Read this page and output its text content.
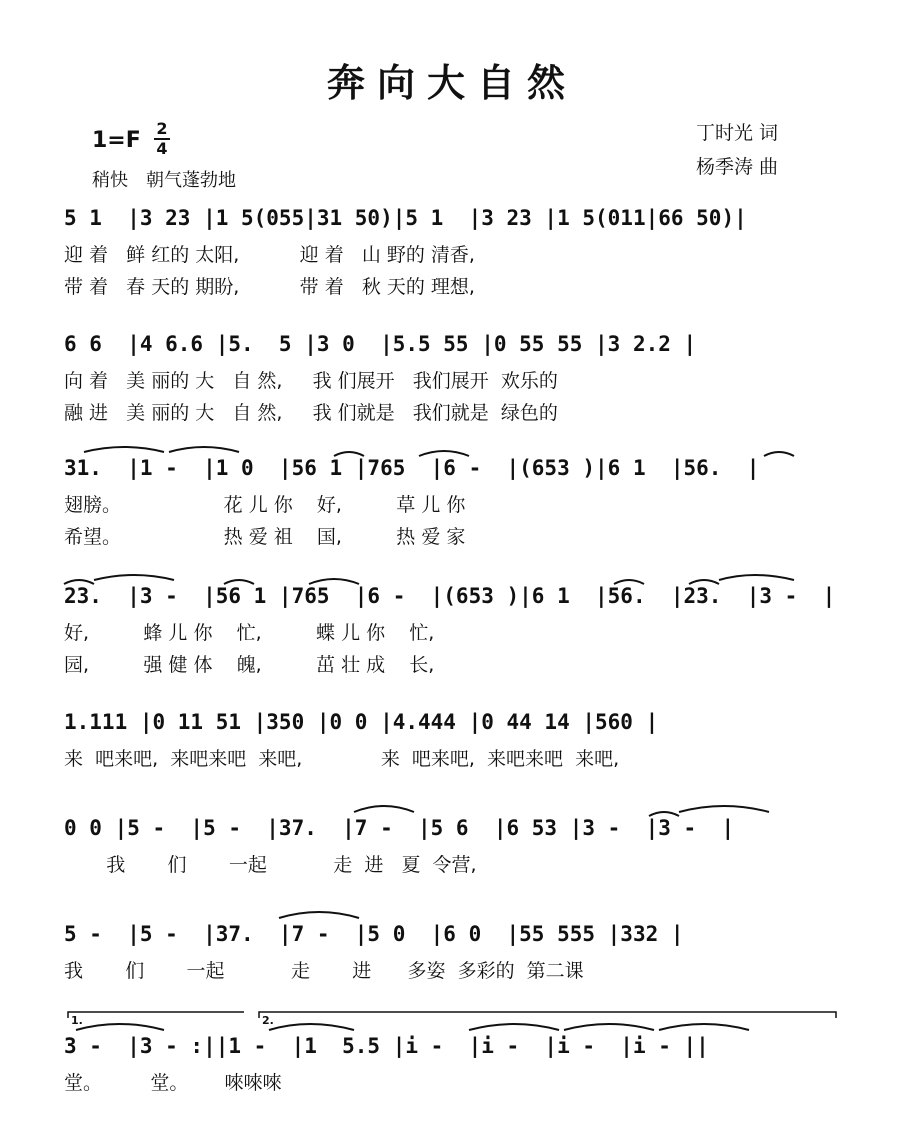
奔向大自然
1=F 2
4
稍快　朝气蓬勃地
丁时光 词
杨季涛 曲
5 1  |3 23 |1 5(055|31 50)|5 1  |3 23 |1 5(011|66 50)|
迎 着   鲜 红的 太阳,          迎 着   山 野的 清香,
带 着   春 天的 期盼,          带 着   秋 天的 理想,
6 6  |4 6.6 |5.  5 |3 0  |5.5 55 |0 55 55 |3 2.2 |
向 着   美 丽的 大   自 然,     我 们展开   我们展开  欢乐的
融 进   美 丽的 大   自 然,     我 们就是   我们就是  绿色的
31.  |1 -  |1 0  |56 1 |765  |6 -  |(653 )|6 1  |56.  |
翅膀。                 花 儿 你    好,         草 儿 你
希望。                 热 爱 祖    国,         热 爱 家
23.  |3 -  |56 1 |765  |6 -  |(653 )|6 1  |56.  |23.  |3 -  |
好,         蜂 儿 你    忙,         蝶 儿 你    忙,
园,         强 健 体    魄,         茁 壮 成    长,
1.111 |0 11 51 |350 |0 0 |4.444 |0 44 14 |560 |
来  吧来吧,  来吧来吧  来吧,             来  吧来吧,  来吧来吧  来吧,
0 0 |5 -  |5 -  |37.  |7 -  |5 6  |6 53 |3 -  |3 -  |
我       们       一起           走  进   夏  令营,
5 -  |5 -  |37.  |7 -  |5 0  |6 0  |55 555 |332 |
我       们       一起           走       进      多姿  多彩的  第二课
1.	2.
3 -  |3 - :||1 -  |1  5.5 |i -  |i -  |i -  |i - ||
堂。        堂。      唻唻唻
